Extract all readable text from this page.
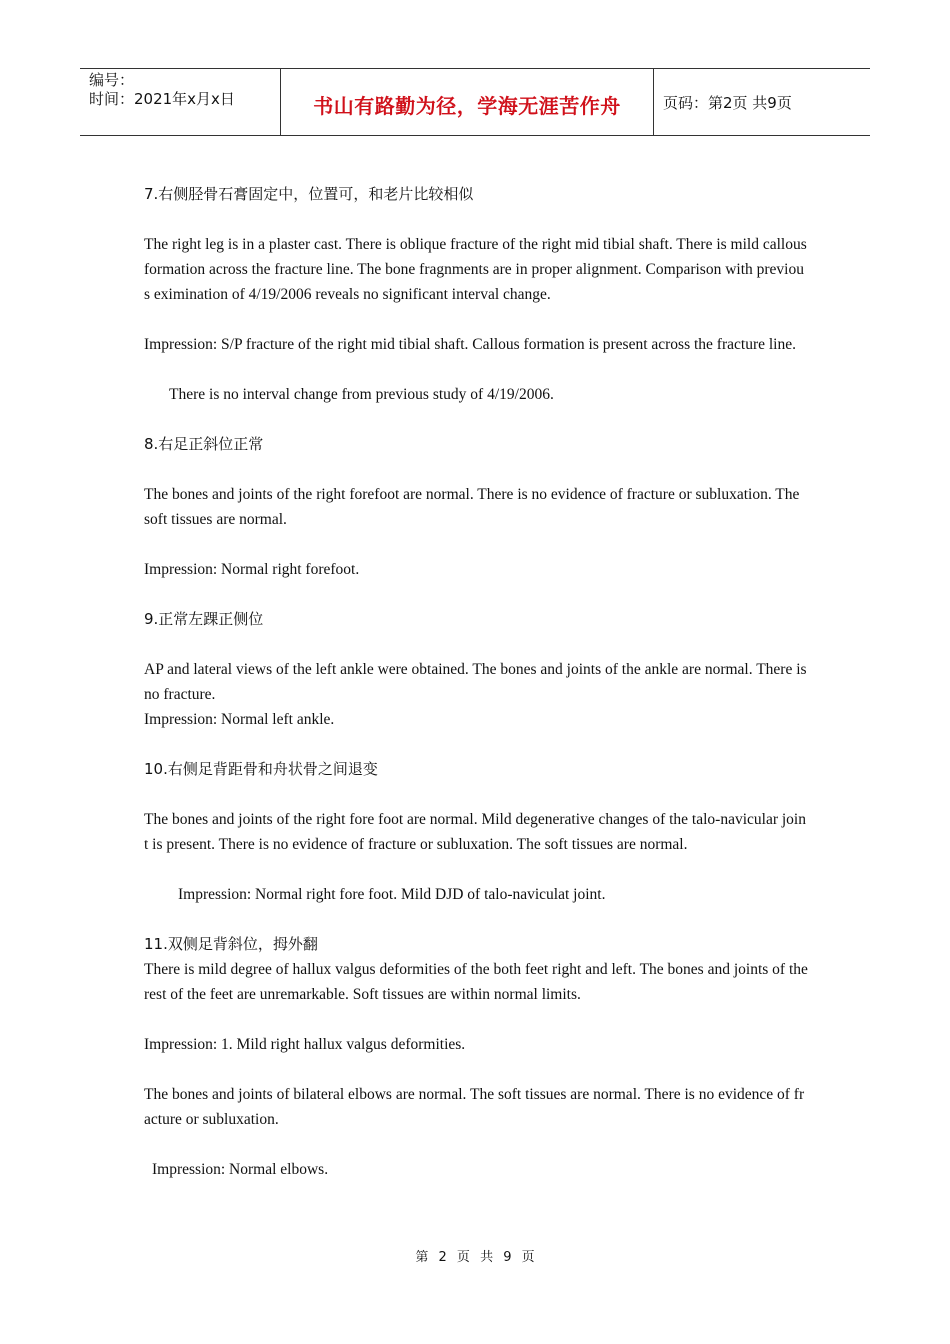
编号：
时间：2021年x月x日	书山有路勤为径，学海无涯苦作舟	页码：第2页 共9页

7.右侧胫骨石膏固定中，位置可，和老片比较相似

The right leg is in a plaster cast. There is oblique fracture of the right mid tibial shaft. There is mild callous formation across the fracture line. The bone fragnments are in proper alignment. Comparison with previous eximination of 4/19/2006 reveals no significant interval change.

Impression: S/P fracture of the right mid tibial shaft. Callous formation is present across the fracture line.

There is no interval change from previous study of 4/19/2006.

8.右足正斜位正常

The bones and joints of the right forefoot are normal. There is no evidence of fracture or subluxation. The soft tissues are normal.

Impression: Normal right forefoot.

9.正常左踝正侧位

AP and lateral views of the left ankle were obtained. The bones and joints of the ankle are normal. There is no fracture.

Impression: Normal left ankle.

10.右侧足背距骨和舟状骨之间退变

The bones and joints of the right fore foot are normal. Mild degenerative changes of the talo-navicular joint is present. There is no evidence of fracture or subluxation. The soft tissues are normal.

Impression: Normal right fore foot. Mild DJD of talo-naviculat joint.

11.双侧足背斜位，拇外翻

There is mild degree of hallux valgus deformities of the both feet right and left. The bones and joints of the rest of the feet are unremarkable. Soft tissues are within normal limits.

Impression: 1. Mild right hallux valgus deformities.

The bones and joints of bilateral elbows are normal. The soft tissues are normal. There is no evidence of fracture or subluxation.

Impression: Normal elbows.

第 2 页 共 9 页
